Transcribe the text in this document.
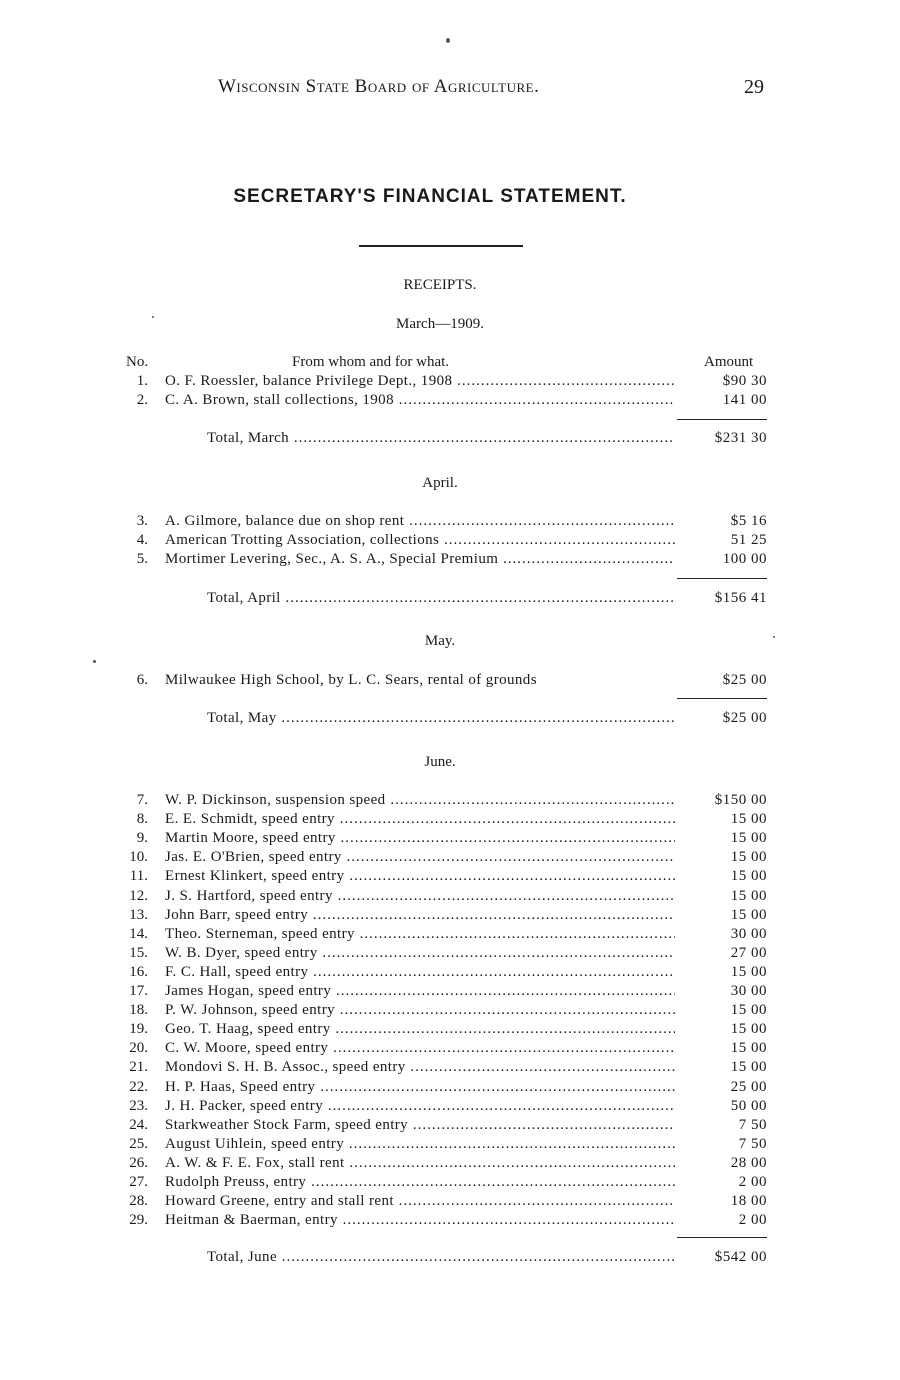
Wisconsin State Board of Agriculture.	29
SECRETARY'S FINANCIAL STATEMENT.
RECEIPTS.
March—1909.
No.	From whom and for what.	Amount
1. O. F. Roessler, balance Privilege Dept., 1908 .....	$90 30
2. C. A. Brown, stall collections, 1908 .....	141 00
Total, March .....	$231 30
April.
3. A. Gilmore, balance due on shop rent .....	$5 16
4. American Trotting Association, collections .....	51 25
5. Mortimer Levering, Sec., A. S. A., Special Premium .....	100 00
Total, April .....	$156 41
May.
6. Milwaukee High School, by L. C. Sears, rental of grounds	$25 00
Total, May .....	$25 00
June.
7. W. P. Dickinson, suspension speed .....	$150 00
8. E. E. Schmidt, speed entry .....	15 00
9. Martin Moore, speed entry .....	15 00
10. Jas. E. O'Brien, speed entry .....	15 00
11. Ernest Klinkert, speed entry .....	15 00
12. J. S. Hartford, speed entry .....	15 00
13. John Barr, speed entry .....	15 00
14. Theo. Sterneman, speed entry .....	30 00
15. W. B. Dyer, speed entry .....	27 00
16. F. C. Hall, speed entry .....	15 00
17. James Hogan, speed entry .....	30 00
18. P. W. Johnson, speed entry .....	15 00
19. Geo. T. Haag, speed entry .....	15 00
20. C. W. Moore, speed entry .....	15 00
21. Mondovi S. H. B. Assoc., speed entry .....	15 00
22. H. P. Haas, Speed entry .....	25 00
23. J. H. Packer, speed entry .....	50 00
24. Starkweather Stock Farm, speed entry .....	7 50
25. August Uihlein, speed entry .....	7 50
26. A. W. & F. E. Fox, stall rent .....	28 00
27. Rudolph Preuss, entry .....	2 00
28. Howard Greene, entry and stall rent .....	18 00
29. Heitman & Baerman, entry .....	2 00
Total, June .....	$542 00
